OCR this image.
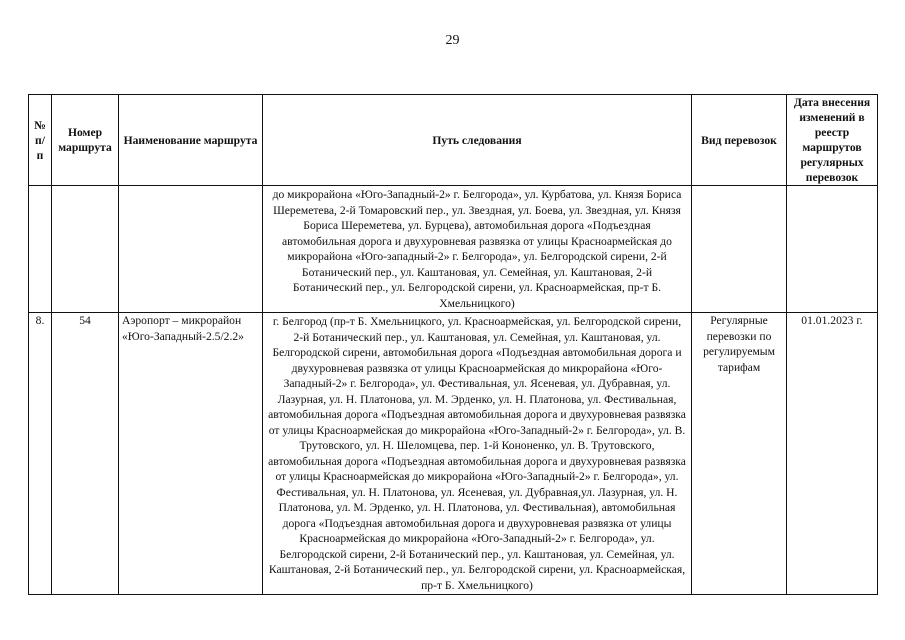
29
№ п/п	Номер маршрута	Наименование маршрута	Путь следования	Вид перевозок	Дата внесения изменений в реестр маршрутов регулярных перевозок
			до микрорайона «Юго-Западный-2» г. Белгорода», ул. Курбатова, ул. Князя Бориса Шереметева, 2-й Томаровский пер., ул. Звездная, ул. Боева, ул. Звездная, ул. Князя Бориса Шереметева, ул. Бурцева), автомобильная дорога «Подъездная автомобильная дорога и двухуровневая развязка от улицы Красноармейская до микрорайона «Юго-западный-2» г. Белгорода», ул. Белгородской сирени, 2-й Ботанический пер., ул. Каштановая, ул. Семейная, ул. Каштановая, 2-й Ботанический пер., ул. Белгородской сирени, ул. Красноармейская, пр-т Б. Хмельницкого)		
8.	54	Аэропорт – микрорайон «Юго-Западный-2.5/2.2»	г. Белгород (пр-т Б. Хмельницкого, ул. Красноармейская, ул. Белгородской сирени, 2-й Ботанический пер., ул. Каштановая, ул. Семейная, ул. Каштановая, ул. Белгородской сирени, автомобильная дорога «Подъездная автомобильная дорога и двухуровневая развязка от улицы Красноармейская до микрорайона «Юго-Западный-2» г. Белгорода», ул. Фестивальная, ул. Ясеневая, ул. Дубравная, ул. Лазурная, ул. Н. Платонова, ул. М. Эрденко, ул. Н. Платонова, ул. Фестивальная, автомобильная дорога «Подъездная автомобильная дорога и двухуровневая развязка от улицы Красноармейская до микрорайона «Юго-Западный-2» г. Белгорода», ул. В. Трутовского, ул. Н. Шеломцева, пер. 1-й Кононенко, ул. В. Трутовского, автомобильная дорога «Подъездная автомобильная дорога и двухуровневая развязка от улицы Красноармейская до микрорайона «Юго-Западный-2» г. Белгорода», ул. Фестивальная, ул. Н. Платонова, ул. Ясеневая, ул. Дубравная,ул. Лазурная, ул. Н. Платонова, ул. М. Эрденко, ул. Н. Платонова, ул. Фестивальная), автомобильная дорога «Подъездная автомобильная дорога и двухуровневая развязка от улицы Красноармейская до микрорайона «Юго-Западный-2» г. Белгорода», ул. Белгородской сирени, 2-й Ботанический пер., ул. Каштановая, ул. Семейная, ул. Каштановая, 2-й Ботанический пер., ул. Белгородской сирени, ул. Красноармейская, пр-т Б. Хмельницкого)	Регулярные перевозки по регулируемым тарифам	01.01.2023 г.
